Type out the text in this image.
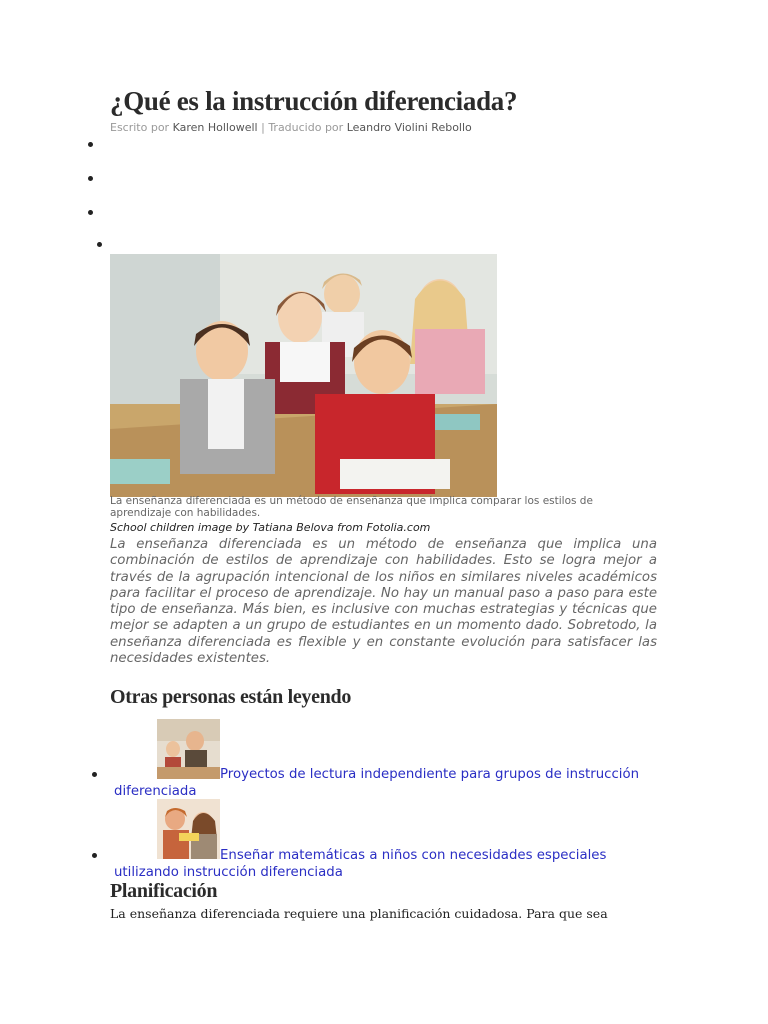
¿Qué es la instrucción diferenciada?
Escrito por Karen Hollowell | Traducido por Leandro Violini Rebollo
La enseñanza diferenciada es un método de enseñanza que implica comparar los estilos de aprendizaje con habilidades.
School children image by Tatiana Belova from Fotolia.com

La enseñanza diferenciada es un método de enseñanza que implica una combinación de estilos de aprendizaje con habilidades. Esto se logra mejor a través de la agrupación intencional de los niños en similares niveles académicos para facilitar el proceso de aprendizaje. No hay un manual paso a paso para este tipo de enseñanza. Más bien, es inclusive con muchas estrategias y técnicas que mejor se adapten a un grupo de estudiantes en un momento dado. Sobretodo, la enseñanza diferenciada es flexible y en constante evolución para satisfacer las necesidades existentes.

Otras personas están leyendo

Proyectos de lectura independiente para grupos de instrucción diferenciada

Enseñar matemáticas a niños con necesidades especiales utilizando instrucción diferenciada

Planificación

La enseñanza diferenciada requiere una planificación cuidadosa. Para que sea
